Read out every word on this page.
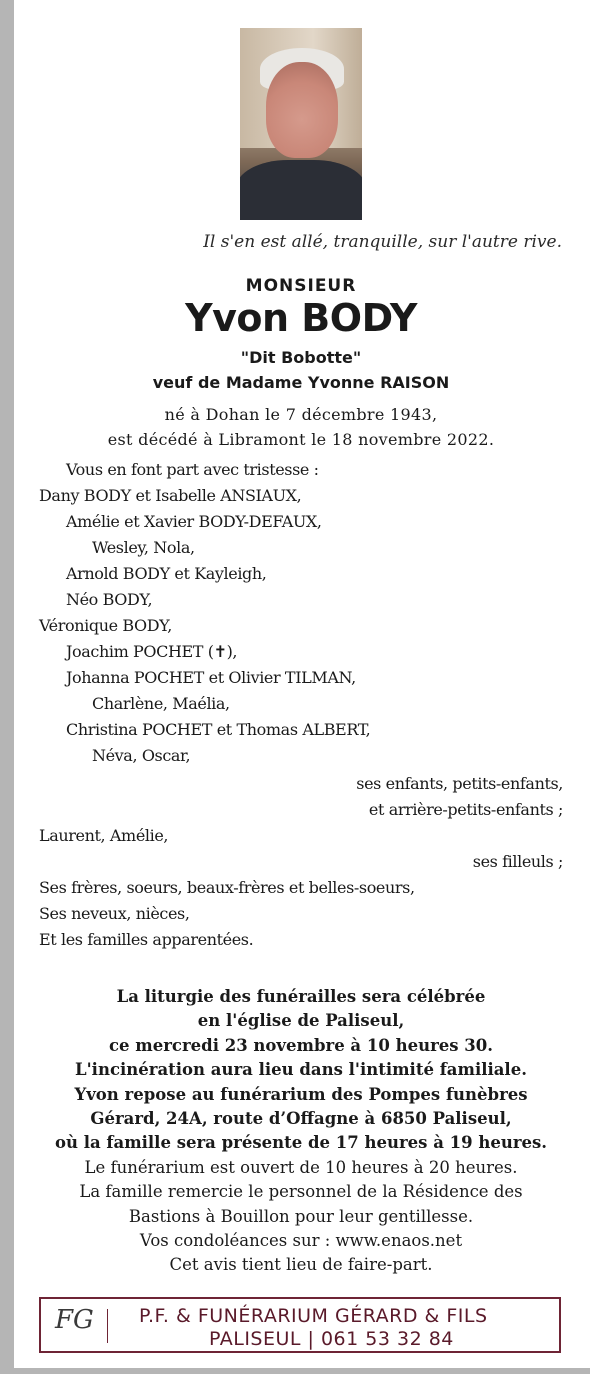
Il s'en est allé, tranquille, sur l'autre rive.
MONSIEUR
Yvon BODY
"Dit Bobotte"
veuf de Madame Yvonne RAISON
né à Dohan le 7 décembre 1943,
est décédé à Libramont le 18 novembre 2022.
Vous en font part avec tristesse :
Dany BODY et Isabelle ANSIAUX,
Amélie et Xavier BODY-DEFAUX,
Wesley, Nola,
Arnold BODY et Kayleigh,
Néo BODY,
Véronique BODY,
Joachim POCHET (✝),
Johanna POCHET et Olivier TILMAN,
Charlène, Maélia,
Christina POCHET et Thomas ALBERT,
Néva, Oscar,
ses enfants, petits-enfants,
et arrière-petits-enfants ;
Laurent, Amélie,
ses filleuls ;
Ses frères, soeurs, beaux-frères et belles-soeurs,
Ses neveux, nièces,
Et les familles apparentées.
La liturgie des funérailles sera célébrée
en l'église de Paliseul,
ce mercredi 23 novembre à 10 heures 30.
L'incinération aura lieu dans l'intimité familiale.
Yvon repose au funérarium des Pompes funèbres
Gérard, 24A, route d’Offagne à 6850 Paliseul,
où la famille sera présente de 17 heures à 19 heures.
Le funérarium est ouvert de 10 heures à 20 heures.
La famille remercie le personnel de la Résidence des
Bastions à Bouillon pour leur gentillesse.
Vos condoléances sur : www.enaos.net
Cet avis tient lieu de faire-part.
FG P.F. & FUNÉRARIUM GÉRARD & FILS
PALISEUL | 061 53 32 84
